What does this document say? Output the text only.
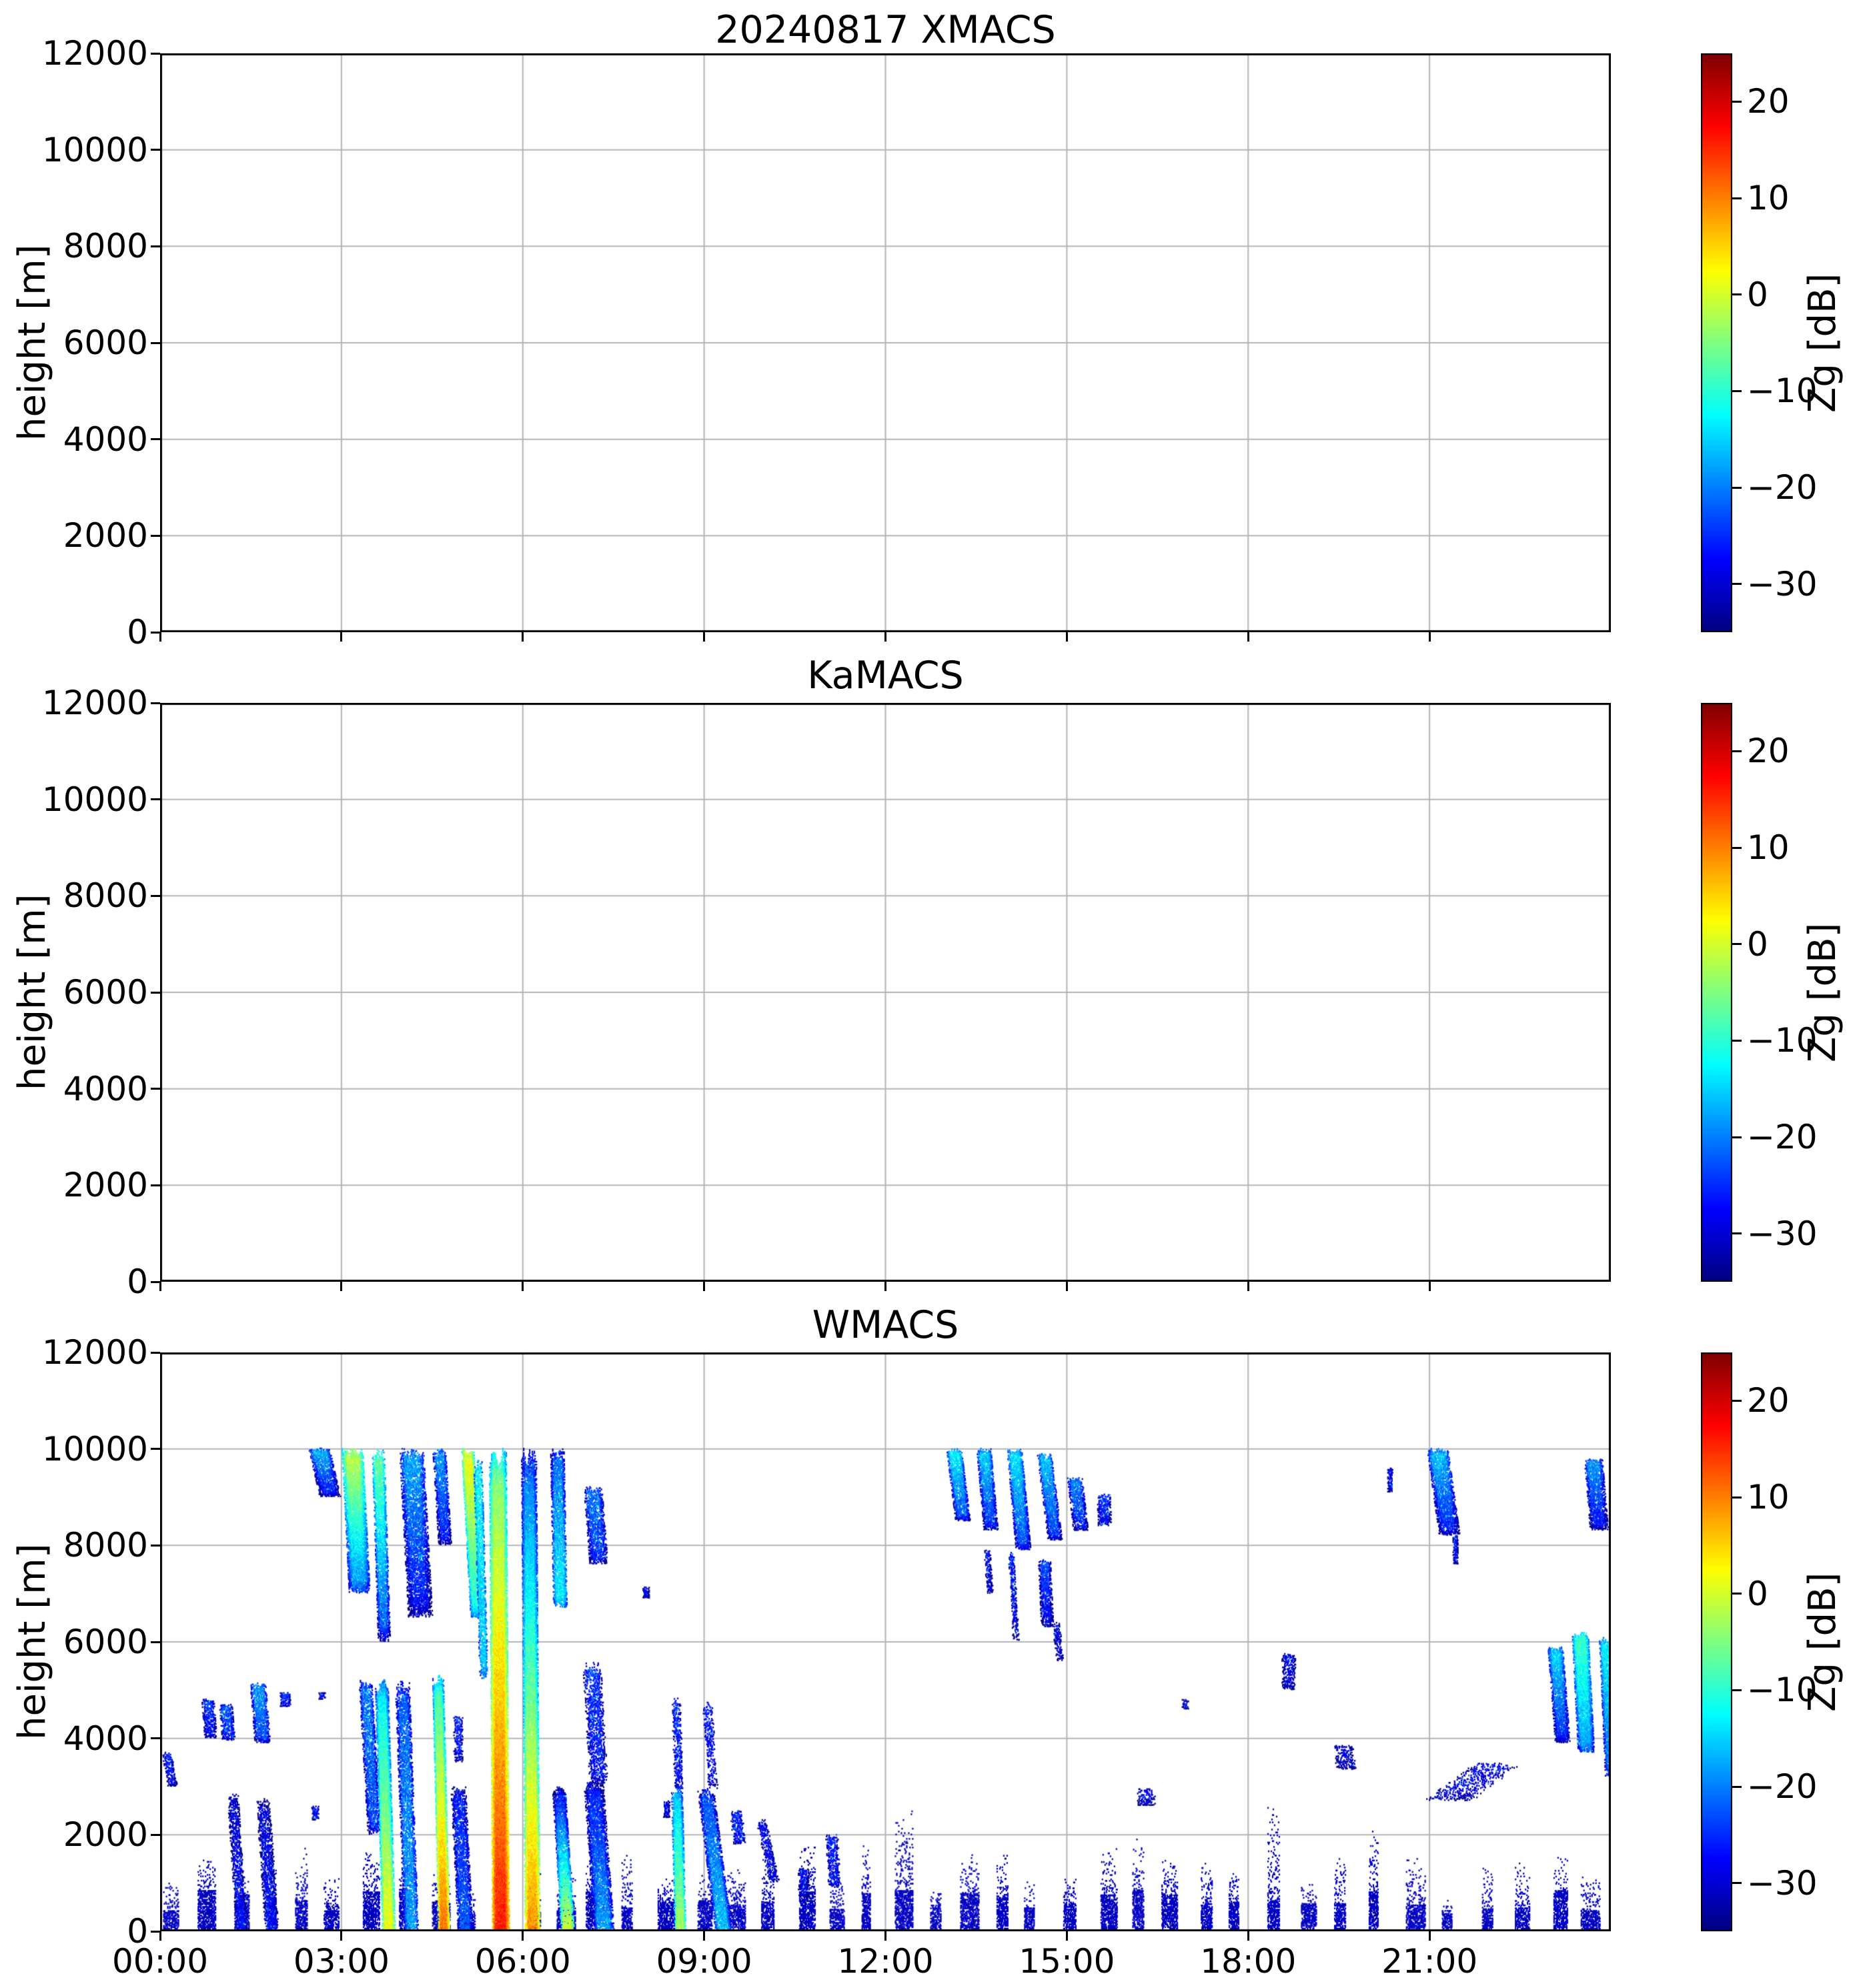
20240817 XMACS
height [m]	Zg [dB]
KaMACS
height [m]	Zg [dB]
WMACS
height [m]	Zg [dB]
12000
10000
8000
6000
4000
2000
0
20
10
0
−10
−20
−30
12000
10000
8000
6000
4000
2000
0
20
10
0
−10
−20
−30
12000
10000
8000
6000
4000
2000
0
20
10
0
−10
−20
−30
00:00	03:00	06:00	09:00	12:00	15:00	18:00	21:00
